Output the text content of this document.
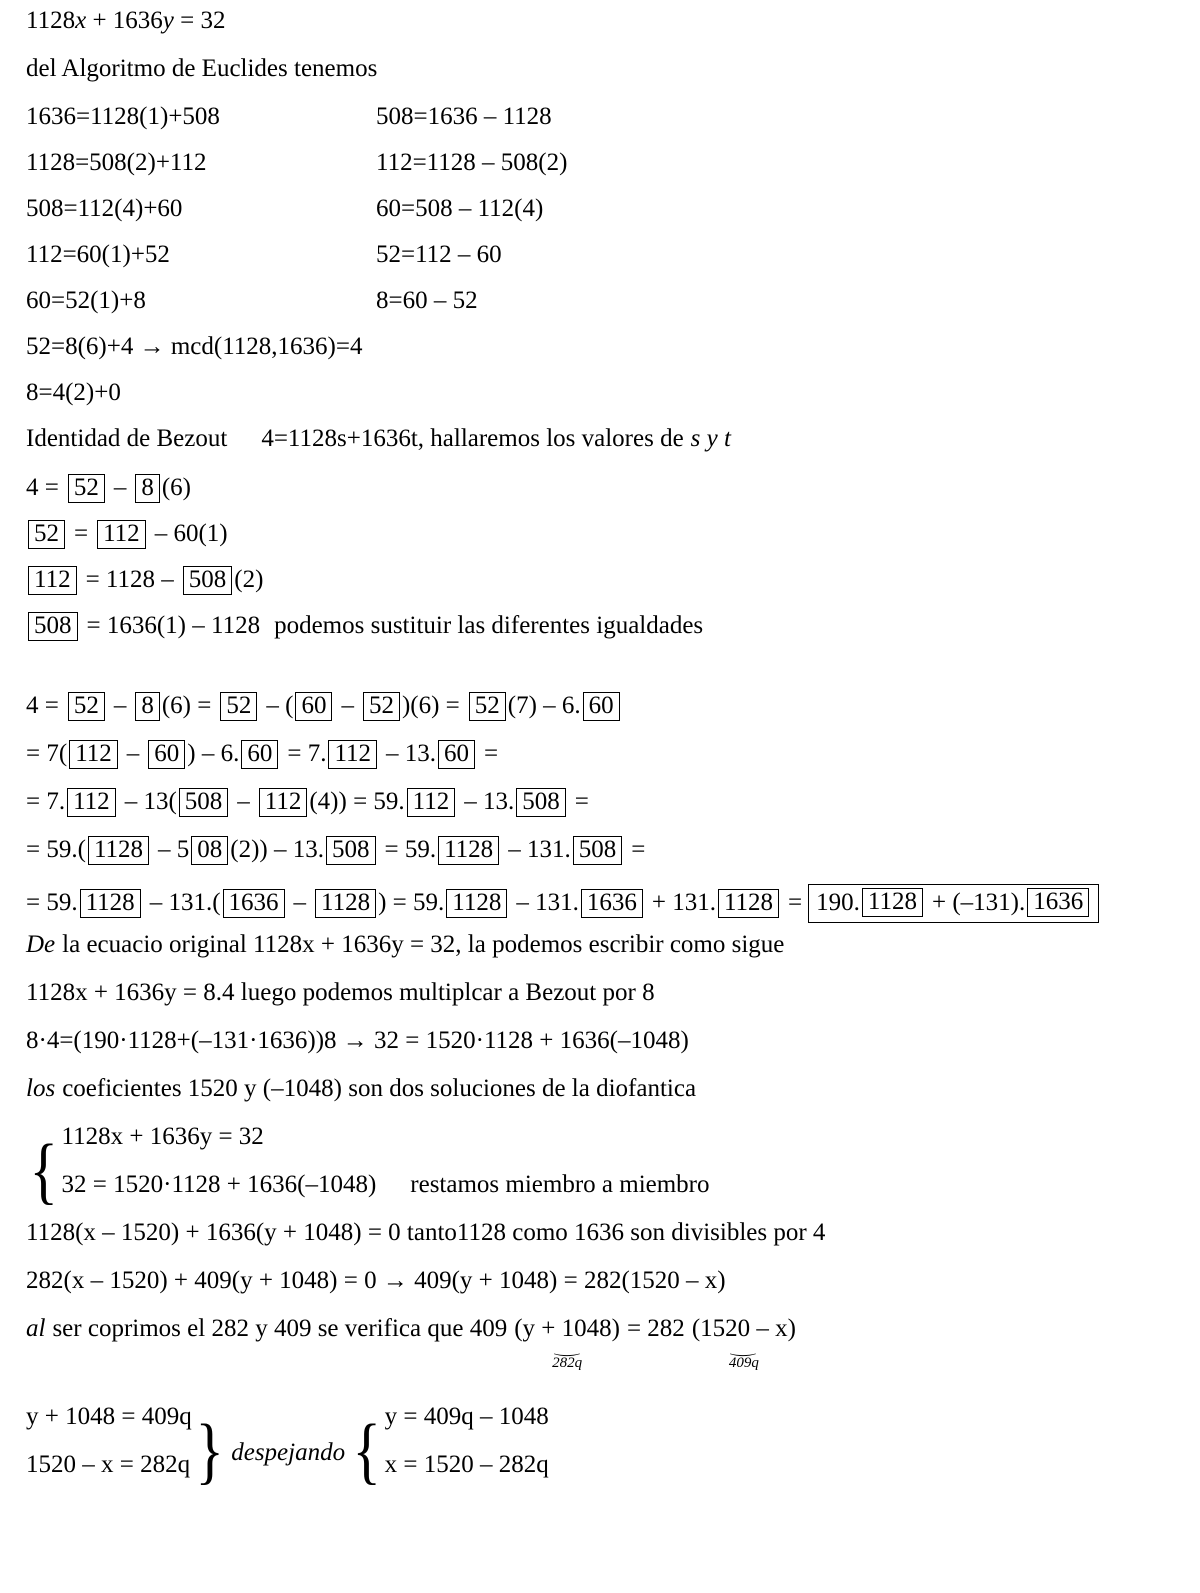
1128x + 1636y = 32
del Algoritmo de Euclides tenemos
1636=1128(1)+508	508=1636 – 1128
1128=508(2)+112	112=1128 – 508(2)
508=112(4)+60	60=508 – 112(4)
112=60(1)+52	52=112 – 60
60=52(1)+8	8=60 – 52
52=8(6)+4 → mcd(1128,1636)=4
8=4(2)+0
Identidad de Bezout 4=1128s+1636t, hallaremos los valores de s y t
4 = 52 – 8 (6)
52 = 112 – 60(1)
112 = 1128 – 508 (2)
508 = 1636(1) – 1128 podemos sustituir las diferentes igualdades
4 = 52 – 8 (6) = 52 – ( 60 – 52 )(6) = 52 (7) – 6. 60
= 7( 112 – 60 ) – 6. 60 = 7. 112 – 13. 60 =
= 7. 112 – 13( 508 – 112 (4)) = 59. 112 – 13. 508 =
= 59.( 1128 – 5 08 (2)) – 13. 508 = 59. 1128 – 131. 508 =
= 59. 1128 – 131.( 1636 – 1128 ) = 59. 1128 – 131. 1636 + 131. 1128 = 190. 1128 + (–131). 1636
De la ecuacio original 1128x + 1636y = 32, la podemos escribir como sigue
1128x + 1636y = 8.4 luego podemos multiplcar a Bezout por 8
8·4=(190·1128+(–131·1636))8 → 32 = 1520·1128 + 1636(–1048)
los coeficientes 1520 y (–1048) son dos soluciones de la diofantica
{ 1128x + 1636y = 32
32 = 1520·1128 + 1636(–1048) restamos miembro a miembro
1128(x – 1520) + 1636(y + 1048) = 0 tanto1128 como 1636 son divisibles por 4
282(x – 1520) + 409(y + 1048) = 0 → 409(y + 1048) = 282(1520 – x)
al ser coprimos el 282 y 409 se verifica que 409 (y + 1048)
⏝
282q
= 282 (1520 – x)
⏝
409q
y + 1048 = 409q
1520 – x = 282q } despejando { y = 409q – 1048
x = 1520 – 282q
